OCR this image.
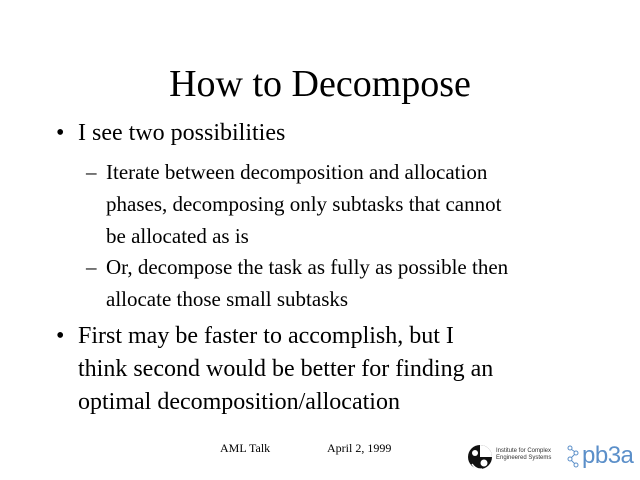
How to Decompose
• I see two possibilities
– Iterate between decomposition and allocation
phases, decomposing only subtasks that cannot
be allocated as is
– Or, decompose the task as fully as possible then
allocate those small subtasks
• First may be faster to accomplish, but I
think second would be better for finding an
optimal decomposition/allocation
AML Talk	April 2, 1999	Institute for Complex
Engineered Systems pb3a
